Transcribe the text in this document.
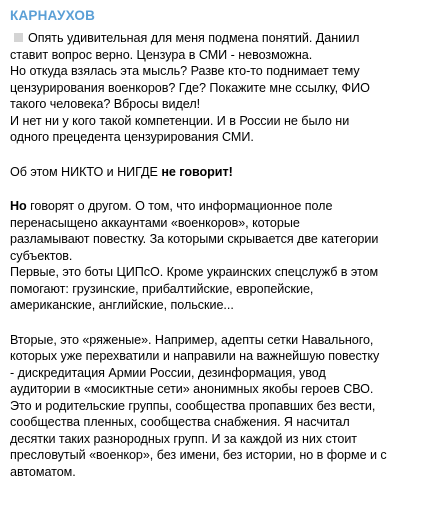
КАРНАУХОВ
Опять удивительная для меня подмена понятий. Даниил
ставит вопрос верно. Цензура в СМИ - невозможна.
Но откуда взялась эта мысль? Разве кто-то поднимает тему
цензурирования военкоров? Где? Покажите мне ссылку, ФИО
такого человека? Вбросы видел!
И нет ни у кого такой компетенции. И в России не было ни
одного прецедента цензурирования СМИ.
Об этом НИКТО и НИГДЕ не говорит!
Но говорят о другом. О том, что информационное поле
перенасыщено аккаунтами «военкоров», которые
разламывают повестку. За которыми скрывается две категории
субъектов.
Первые, это боты ЦИПсО. Кроме украинских спецслужб в этом
помогают: грузинские, прибалтийские, европейские,
американские, английские, польские...
Вторые, это «ряженые». Например, адепты сетки Навального,
которых уже перехватили и направили на важнейшую повестку
- дискредитация Армии России, дезинформация, увод
аудитории в «мосиктные сети» анонимных якобы героев СВО.
Это и родительские группы, сообщества пропавших без вести,
сообщества пленных, сообщества снабжения. Я насчитал
десятки таких разнородных групп. И за каждой из них стоит
пресловутый «военкор», без имени, без истории, но в форме и с
автоматом.
